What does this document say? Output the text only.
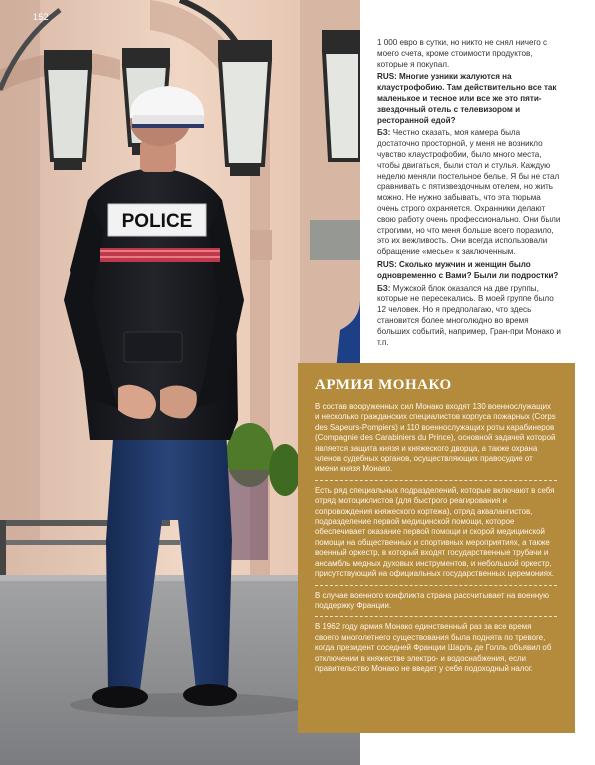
POLICE
152

1 000 евро в сутки, но никто не снял ничего с моего счета, кроме стоимости продуктов, которые я покупал.

RUS: Многие узники жалуются на клаустрофобию. Там действительно все так маленькое и тесное или все же это пяти-звездочный отель с телевизором и ресторанной едой?

БЗ: Честно сказать, моя камера была достаточно просторной, у меня не возникло чувство клаустрофобии, было много места, чтобы двигаться, были стол и стулья. Каждую неделю меняли постельное белье. Я бы не стал сравнивать с пятизвездочным отелем, но жить можно. Не нужно забывать, что эта тюрьма очень строго охраняется. Охранники делают свою работу очень профессионально. Они были строгими, но что меня больше всего поразило, это их вежливость. Они всегда использовали обращение «месье» к заключенным.

RUS: Сколько мужчин и женщин было одновременно с Вами? Были ли подростки?

БЗ: Мужской блок оказался на две группы, которые не пересекались. В моей группе было 12 человек. Но я предполагаю, что здесь становится более многолюдно во время больших событий, например, Гран-при Монако и т.п.

АРМИЯ МОНАКО

В состав вооруженных сил Монако входят 130 военнослужащих и несколько гражданских специалистов корпуса пожарных (Corps des Sapeurs-Pompiers) и 110 военнослужащих роты карабинеров (Compagnie des Carabiniers du Prince), основной задачей которой является защита князя и княжеского дворца, а также охрана членов судебных органов, осуществляющих правосудие от имени князя Монако.

Есть ряд специальных подразделений, которые включают в себя отряд мотоциклистов (для быстрого реагирования и сопровождения княжеского кортежа), отряд аквалангистов, подразделение первой медицинской помощи, которое обеспечивает оказание первой помощи и скорой медицинской помощи на общественных и спортивных мероприятиях, а также военный оркестр, в который входят государственные трубачи и ансамбль медных духовых инструментов, и небольшой оркестр, присутствующий на официальных государственных церемониях.

В случае военного конфликта страна рассчитывает на военную поддержку Франции.

В 1962 году армия Монако единственный раз за все время своего многолетнего существования была поднята по тревоге, когда президент соседней Франции Шарль де Голль объявил об отключении в княжестве электро- и водоснабжения, если правительство Монако не введет у себя подоходный налог.
